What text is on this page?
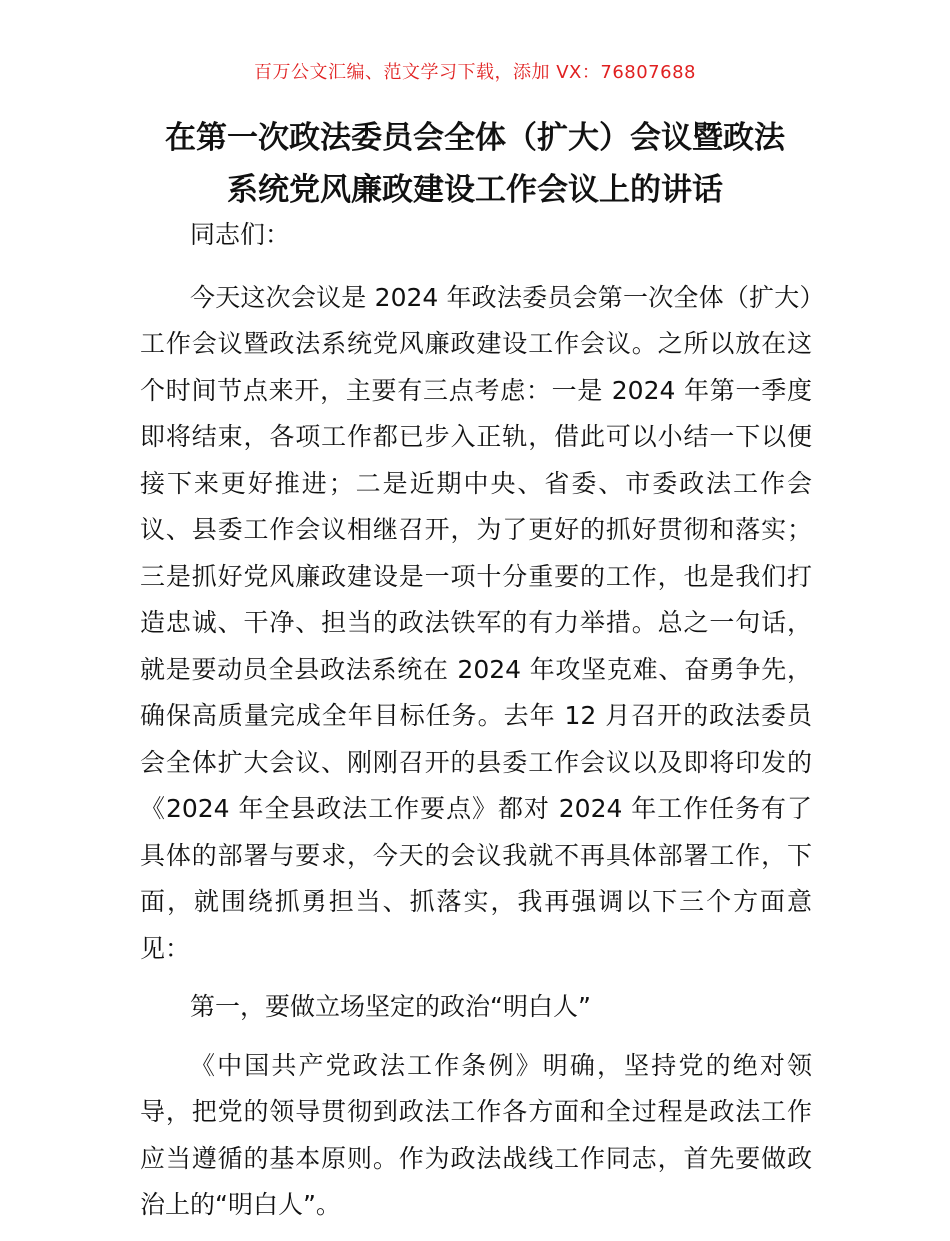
百万公文汇编、范文学习下载，添加 VX：76807688
在第一次政法委员会全体（扩大）会议暨政法
系统党风廉政建设工作会议上的讲话

同志们：

今天这次会议是 2024 年政法委员会第一次全体（扩大）工作会议暨政法系统党风廉政建设工作会议。之所以放在这个时间节点来开，主要有三点考虑：一是 2024 年第一季度即将结束，各项工作都已步入正轨，借此可以小结一下以便接下来更好推进；二是近期中央、省委、市委政法工作会议、县委工作会议相继召开，为了更好的抓好贯彻和落实；三是抓好党风廉政建设是一项十分重要的工作，也是我们打造忠诚、干净、担当的政法铁军的有力举措。总之一句话，就是要动员全县政法系统在 2024 年攻坚克难、奋勇争先，确保高质量完成全年目标任务。去年 12 月召开的政法委员会全体扩大会议、刚刚召开的县委工作会议以及即将印发的《2024 年全县政法工作要点》都对 2024 年工作任务有了具体的部署与要求，今天的会议我就不再具体部署工作，下面，就围绕抓勇担当、抓落实，我再强调以下三个方面意见：

第一，要做立场坚定的政治“明白人”

《中国共产党政法工作条例》明确，坚持党的绝对领导，把党的领导贯彻到政法工作各方面和全过程是政法工作应当遵循的基本原则。作为政法战线工作同志，首先要做政治上的“明白人”。
